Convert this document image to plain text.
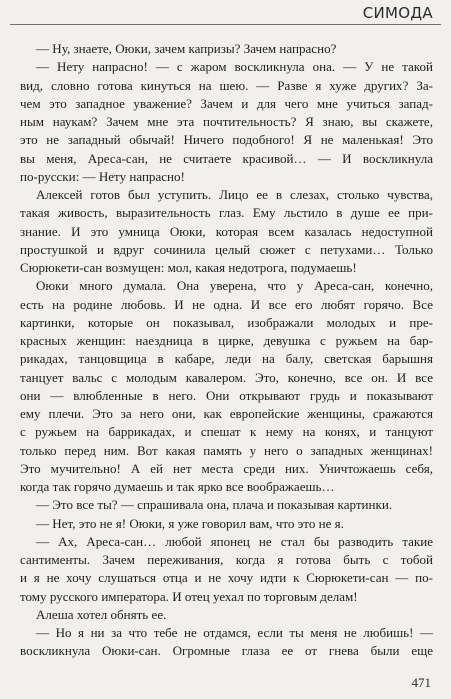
СИМОДА
— Ну, знаете, Оюки, зачем капризы? Зачем напрасно?
— Нету напрасно! — с жаром воскликнула она. — У не такой
вид, словно готова кинуться на шею. — Разве я хуже других? За-
чем это западное уважение? Зачем и для чего мне учиться запад-
ным наукам? Зачем мне эта почтительность? Я знаю, вы скажете,
это не западный обычай! Ничего подобного! Я не маленькая! Это
вы меня, Ареса-сан, не считаете красивой… — И воскликнула
по-русски: — Нету напрасно!
Алексей готов был уступить. Лицо ее в слезах, столько чувства,
такая живость, выразительность глаз. Ему льстило в душе ее при-
знание. И это умница Оюки, которая всем казалась недоступной
простушкой и вдруг сочинила целый сюжет с петухами… Только
Сюрюкети-сан возмущен: мол, какая недотрога, подумаешь!
Оюки много думала. Она уверена, что у Ареса-сан, конечно,
есть на родине любовь. И не одна. И все его любят горячо. Все
картинки, которые он показывал, изображали молодых и пре-
красных женщин: наездница в цирке, девушка с ружьем на бар-
рикадах, танцовщица в кабаре, леди на балу, светская барышня
танцует вальс с молодым кавалером. Это, конечно, все он. И все
они — влюбленные в него. Они открывают грудь и показывают
ему плечи. Это за него они, как европейские женщины, сражаются
с ружьем на баррикадах, и спешат к нему на конях, и танцуют
только перед ним. Вот какая память у него о западных женщинах!
Это мучительно! А ей нет места среди них. Уничтожаешь себя,
когда так горячо думаешь и так ярко все воображаешь…
— Это все ты? — спрашивала она, плача и показывая картинки.
— Нет, это не я! Оюки, я уже говорил вам, что это не я.
— Ах, Ареса-сан… любой японец не стал бы разводить такие
сантименты. Зачем переживания, когда я готова быть с тобой
и я не хочу слушаться отца и не хочу идти к Сюрюкети-сан — по-
тому русского императора. И отец уехал по торговым делам!
Алеша хотел обнять ее.
— Но я ни за что тебе не отдамся, если ты меня не любишь! —
воскликнула Оюки-сан. Огромные глаза ее от гнева были еще
471
